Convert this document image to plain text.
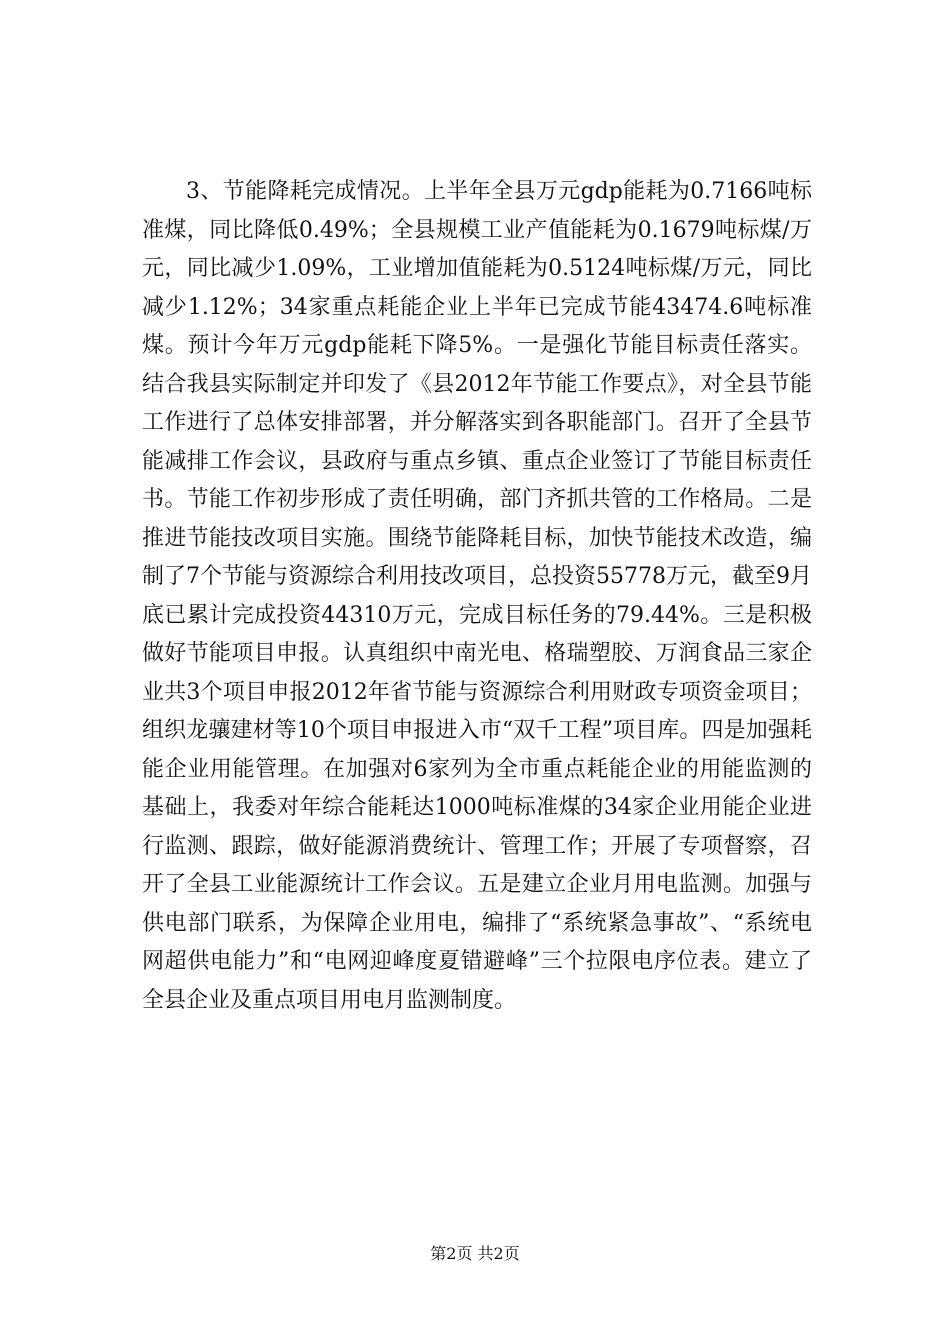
3、节能降耗完成情况。上半年全县万元gdp能耗为0.7166吨标准煤，同比降低0.49%；全县规模工业产值能耗为0.1679吨标煤/万元，同比减少1.09%，工业增加值能耗为0.5124吨标煤/万元，同比减少1.12%；34家重点耗能企业上半年已完成节能43474.6吨标准煤。预计今年万元gdp能耗下降5%。一是强化节能目标责任落实。结合我县实际制定并印发了《县2012年节能工作要点》，对全县节能工作进行了总体安排部署，并分解落实到各职能部门。召开了全县节能减排工作会议，县政府与重点乡镇、重点企业签订了节能目标责任书。节能工作初步形成了责任明确，部门齐抓共管的工作格局。二是推进节能技改项目实施。围绕节能降耗目标，加快节能技术改造，编制了7个节能与资源综合利用技改项目，总投资55778万元，截至9月底已累计完成投资44310万元，完成目标任务的79.44%。三是积极做好节能项目申报。认真组织中南光电、格瑞塑胶、万润食品三家企业共3个项目申报2012年省节能与资源综合利用财政专项资金项目；组织龙骧建材等10个项目申报进入市“双千工程”项目库。四是加强耗能企业用能管理。在加强对6家列为全市重点耗能企业的用能监测的基础上，我委对年综合能耗达1000吨标准煤的34家企业用能企业进行监测、跟踪，做好能源消费统计、管理工作；开展了专项督察，召开了全县工业能源统计工作会议。五是建立企业月用电监测。加强与供电部门联系，为保障企业用电，编排了“系统紧急事故”、“系统电网超供电能力”和“电网迎峰度夏错避峰”三个拉限电序位表。建立了全县企业及重点项目用电月监测制度。

第2页 共2页
